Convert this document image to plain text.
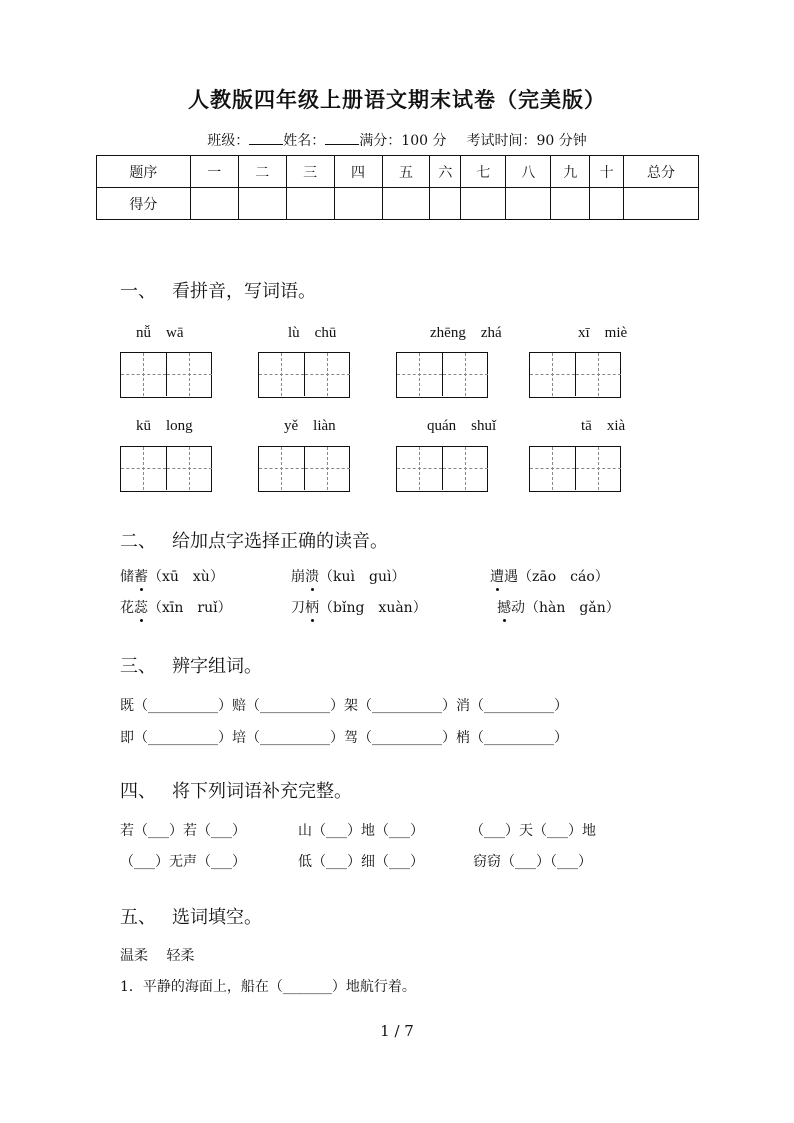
人教版四年级上册语文期末试卷（完美版）
班级： 姓名： 满分：100 分 考试时间：90 分钟
题序	一	二	三	四	五	六	七	八	九	十	总分
得分											
一、 看拼音，写词语。
nǚ　wā	lù　chū	zhēng　zhá	xī　miè
kū　long	yě　liàn	quán　shuǐ	tā　xià
二、 给加点字选择正确的读音。
储蓄（xū　xù）	崩溃（kuì　guì）	遭遇（zāo　cáo）
花蕊（xīn　ruǐ）	刀柄（bǐng　xuàn）	撼动（hàn　gǎn）
三、 辨字组词。
既（__________）赔（__________）架（__________）消（__________）
即（__________）培（__________）驾（__________）梢（__________）
四、 将下列词语补充完整。
若（___）若（___）	山（___）地（___）	（___）天（___）地
（___）无声（___）	低（___）细（___）	窃窃（___）（___）
五、 选词填空。
温柔　 轻柔
1．平静的海面上，船在（_______）地航行着。
1 / 7
